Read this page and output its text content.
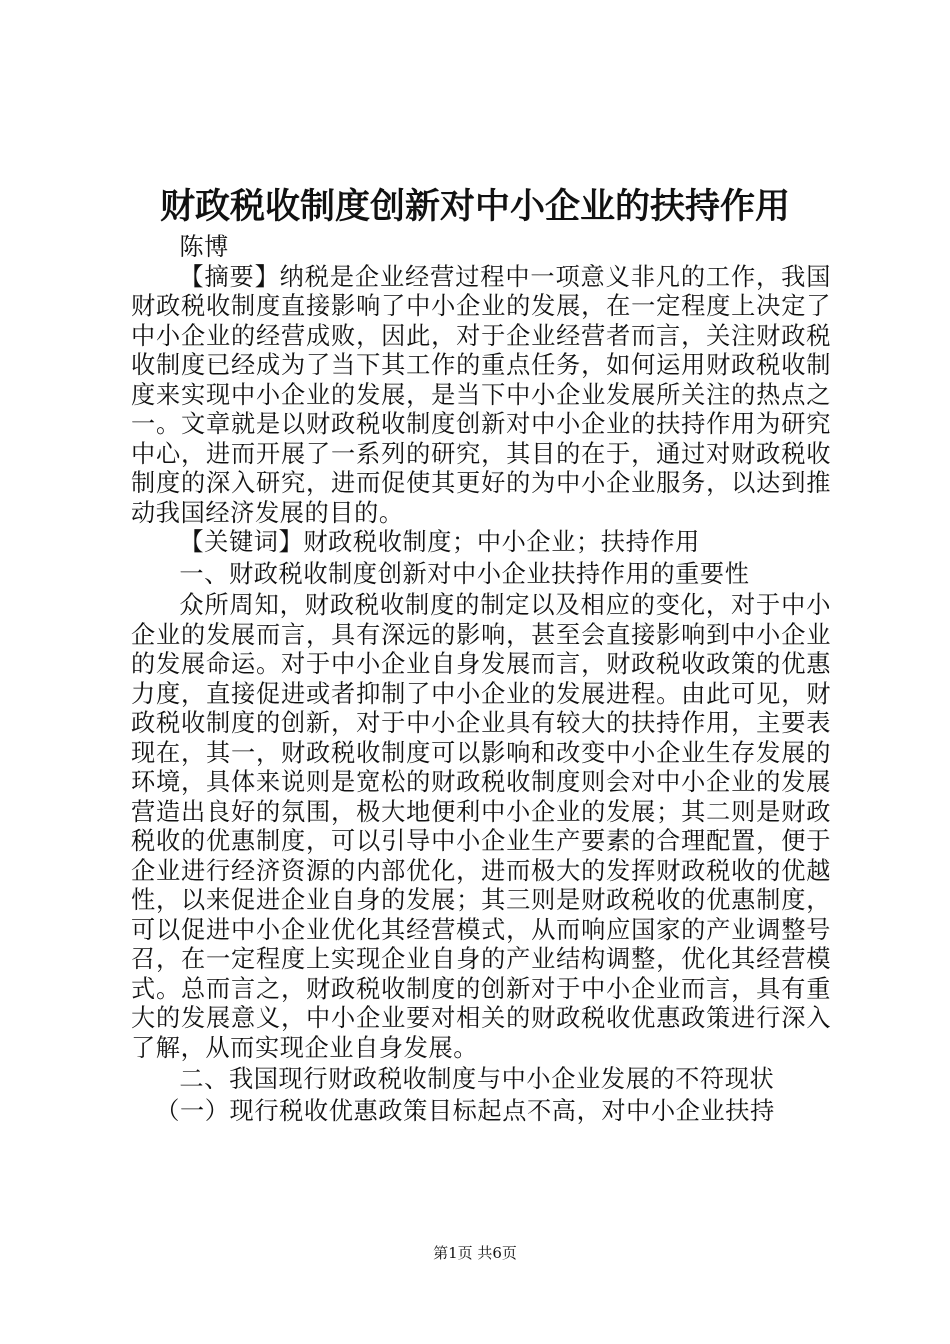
财政税收制度创新对中小企业的扶持作用

陈博

【摘要】纳税是企业经营过程中一项意义非凡的工作，我国财政税收制度直接影响了中小企业的发展，在一定程度上决定了中小企业的经营成败，因此，对于企业经营者而言，关注财政税收制度已经成为了当下其工作的重点任务，如何运用财政税收制度来实现中小企业的发展，是当下中小企业发展所关注的热点之一。文章就是以财政税收制度创新对中小企业的扶持作用为研究中心，进而开展了一系列的研究，其目的在于，通过对财政税收制度的深入研究，进而促使其更好的为中小企业服务，以达到推动我国经济发展的目的。

【关键词】财政税收制度；中小企业；扶持作用

一、财政税收制度创新对中小企业扶持作用的重要性

众所周知，财政税收制度的制定以及相应的变化，对于中小企业的发展而言，具有深远的影响，甚至会直接影响到中小企业的发展命运。对于中小企业自身发展而言，财政税收政策的优惠力度，直接促进或者抑制了中小企业的发展进程。由此可见，财政税收制度的创新，对于中小企业具有较大的扶持作用，主要表现在，其一，财政税收制度可以影响和改变中小企业生存发展的环境，具体来说则是宽松的财政税收制度则会对中小企业的发展营造出良好的氛围，极大地便利中小企业的发展；其二则是财政税收的优惠制度，可以引导中小企业生产要素的合理配置，便于企业进行经济资源的内部优化，进而极大的发挥财政税收的优越性，以来促进企业自身的发展；其三则是财政税收的优惠制度，可以促进中小企业优化其经营模式，从而响应国家的产业调整号召，在一定程度上实现企业自身的产业结构调整，优化其经营模式。总而言之，财政税收制度的创新对于中小企业而言，具有重大的发展意义，中小企业要对相关的财政税收优惠政策进行深入了解，从而实现企业自身发展。

二、我国现行财政税收制度与中小企业发展的不符现状

（一）现行税收优惠政策目标起点不高，对中小企业扶持

第1页 共6页
